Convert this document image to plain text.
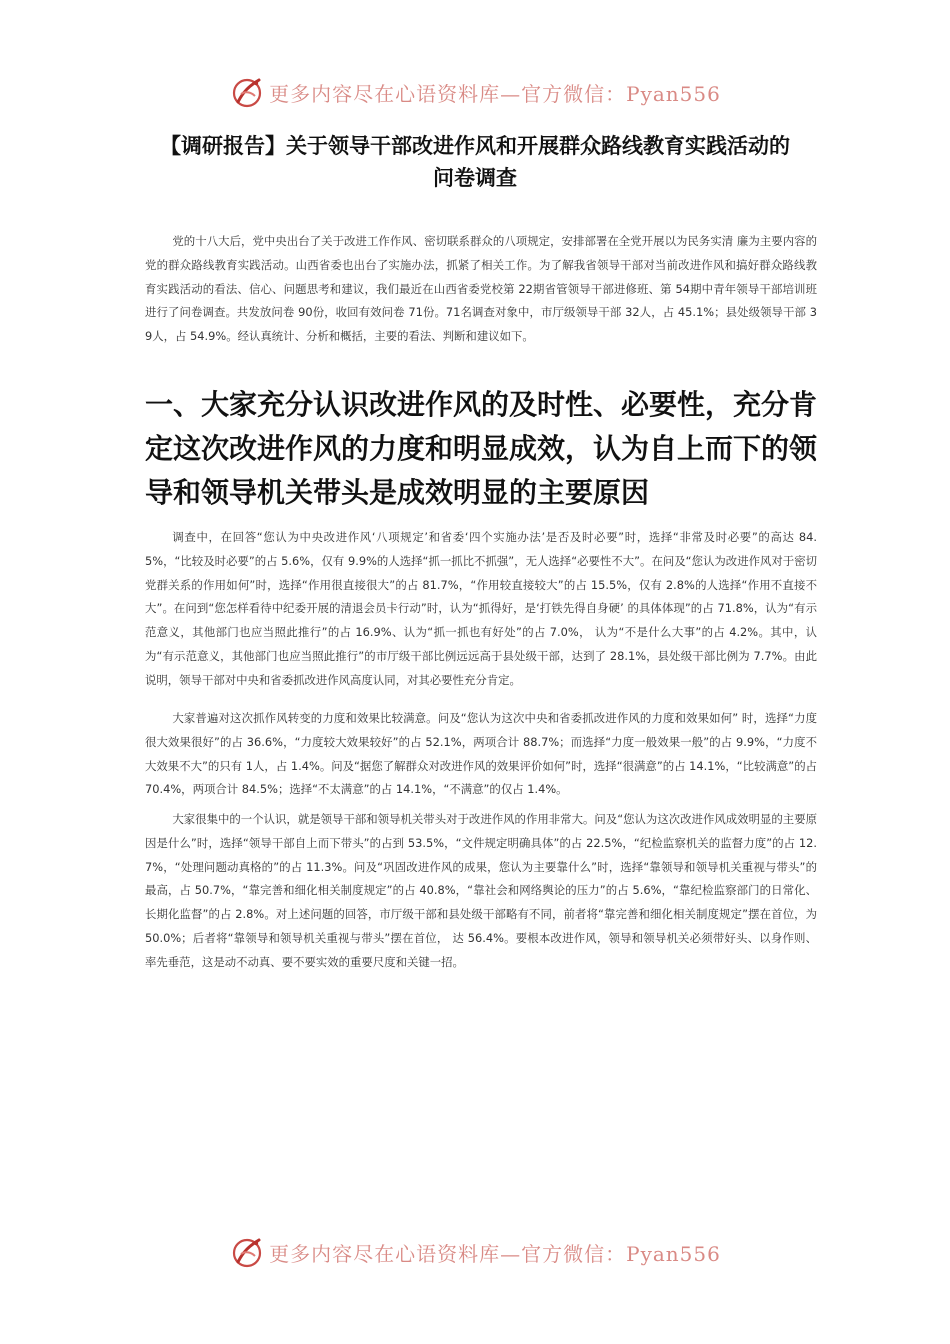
更多内容尽在心语资料库—官方微信：Pyan556
【调研报告】关于领导干部改进作风和开展群众路线教育实践活动的
问卷调查

党的十八大后，党中央出台了关于改进工作作风、密切联系群众的八项规定，安排部署在全党开展以为民务实清 廉为主要内容的党的群众路线教育实践活动。山西省委也出台了实施办法，抓紧了相关工作。为了解我省领导干部对当前改进作风和搞好群众路线教育实践活动的看法、信心、问题思考和建议，我们最近在山西省委党校第 22期省管领导干部进修班、第 54期中青年领导干部培训班进行了问卷调查。共发放问卷 90份，收回有效问卷 71份。71名调查对象中，市厅级领导干部 32人，占 45.1%；县处级领导干部 39人，占 54.9%。经认真统计、分析和概括，主要的看法、判断和建议如下。

一、大家充分认识改进作风的及时性、必要性，充分肯定这次改进作风的力度和明显成效，认为自上而下的领导和领导机关带头是成效明显的主要原因

调查中，在回答“您认为中央改进作风‘八项规定’和省委‘四个实施办法’是否及时必要”时，选择“非常及时必要”的高达 84.5%，“比较及时必要”的占 5.6%，仅有 9.9%的人选择“抓一抓比不抓强”，无人选择“必要性不大”。在问及“您认为改进作风对于密切党群关系的作用如何”时，选择“作用很直接很大”的占 81.7%，“作用较直接较大”的占 15.5%，仅有 2.8%的人选择“作用不直接不大”。在问到“您怎样看待中纪委开展的清退会员卡行动”时，认为“抓得好，是‘打铁先得自身硬’ 的具体体现”的占 71.8%，认为“有示范意义，其他部门也应当照此推行”的占 16.9%、认为“抓一抓也有好处”的占 7.0%， 认为“不是什么大事”的占 4.2%。其中，认为“有示范意义，其他部门也应当照此推行”的市厅级干部比例远远高于县处级干部，达到了 28.1%，县处级干部比例为 7.7%。由此说明，领导干部对中央和省委抓改进作风高度认同，对其必要性充分肯定。

大家普遍对这次抓作风转变的力度和效果比较满意。问及“您认为这次中央和省委抓改进作风的力度和效果如何” 时，选择“力度很大效果很好”的占 36.6%，“力度较大效果较好”的占 52.1%，两项合计 88.7%；而选择“力度一般效果一般”的占 9.9%，“力度不大效果不大”的只有 1人，占 1.4%。问及“据您了解群众对改进作风的效果评价如何”时，选择“很满意”的占 14.1%，“比较满意”的占 70.4%，两项合计 84.5%；选择“不太满意”的占 14.1%，“不满意”的仅占 1.4%。

大家很集中的一个认识，就是领导干部和领导机关带头对于改进作风的作用非常大。问及“您认为这次改进作风成效明显的主要原因是什么”时，选择“领导干部自上而下带头”的占到 53.5%，“文件规定明确具体”的占 22.5%，“纪检监察机关的监督力度”的占 12.7%，“处理问题动真格的”的占 11.3%。问及“巩固改进作风的成果，您认为主要靠什么”时，选择“靠领导和领导机关重视与带头”的最高，占 50.7%，“靠完善和细化相关制度规定”的占 40.8%，“靠社会和网络舆论的压力”的占 5.6%，“靠纪检监察部门的日常化、长期化监督”的占 2.8%。对上述问题的回答，市厅级干部和县处级干部略有不同，前者将“靠完善和细化相关制度规定”摆在首位，为 50.0%；后者将“靠领导和领导机关重视与带头”摆在首位， 达 56.4%。要根本改进作风，领导和领导机关必须带好头、以身作则、率先垂范，这是动不动真、要不要实效的重要尺度和关键一招。

更多内容尽在心语资料库—官方微信：Pyan556
